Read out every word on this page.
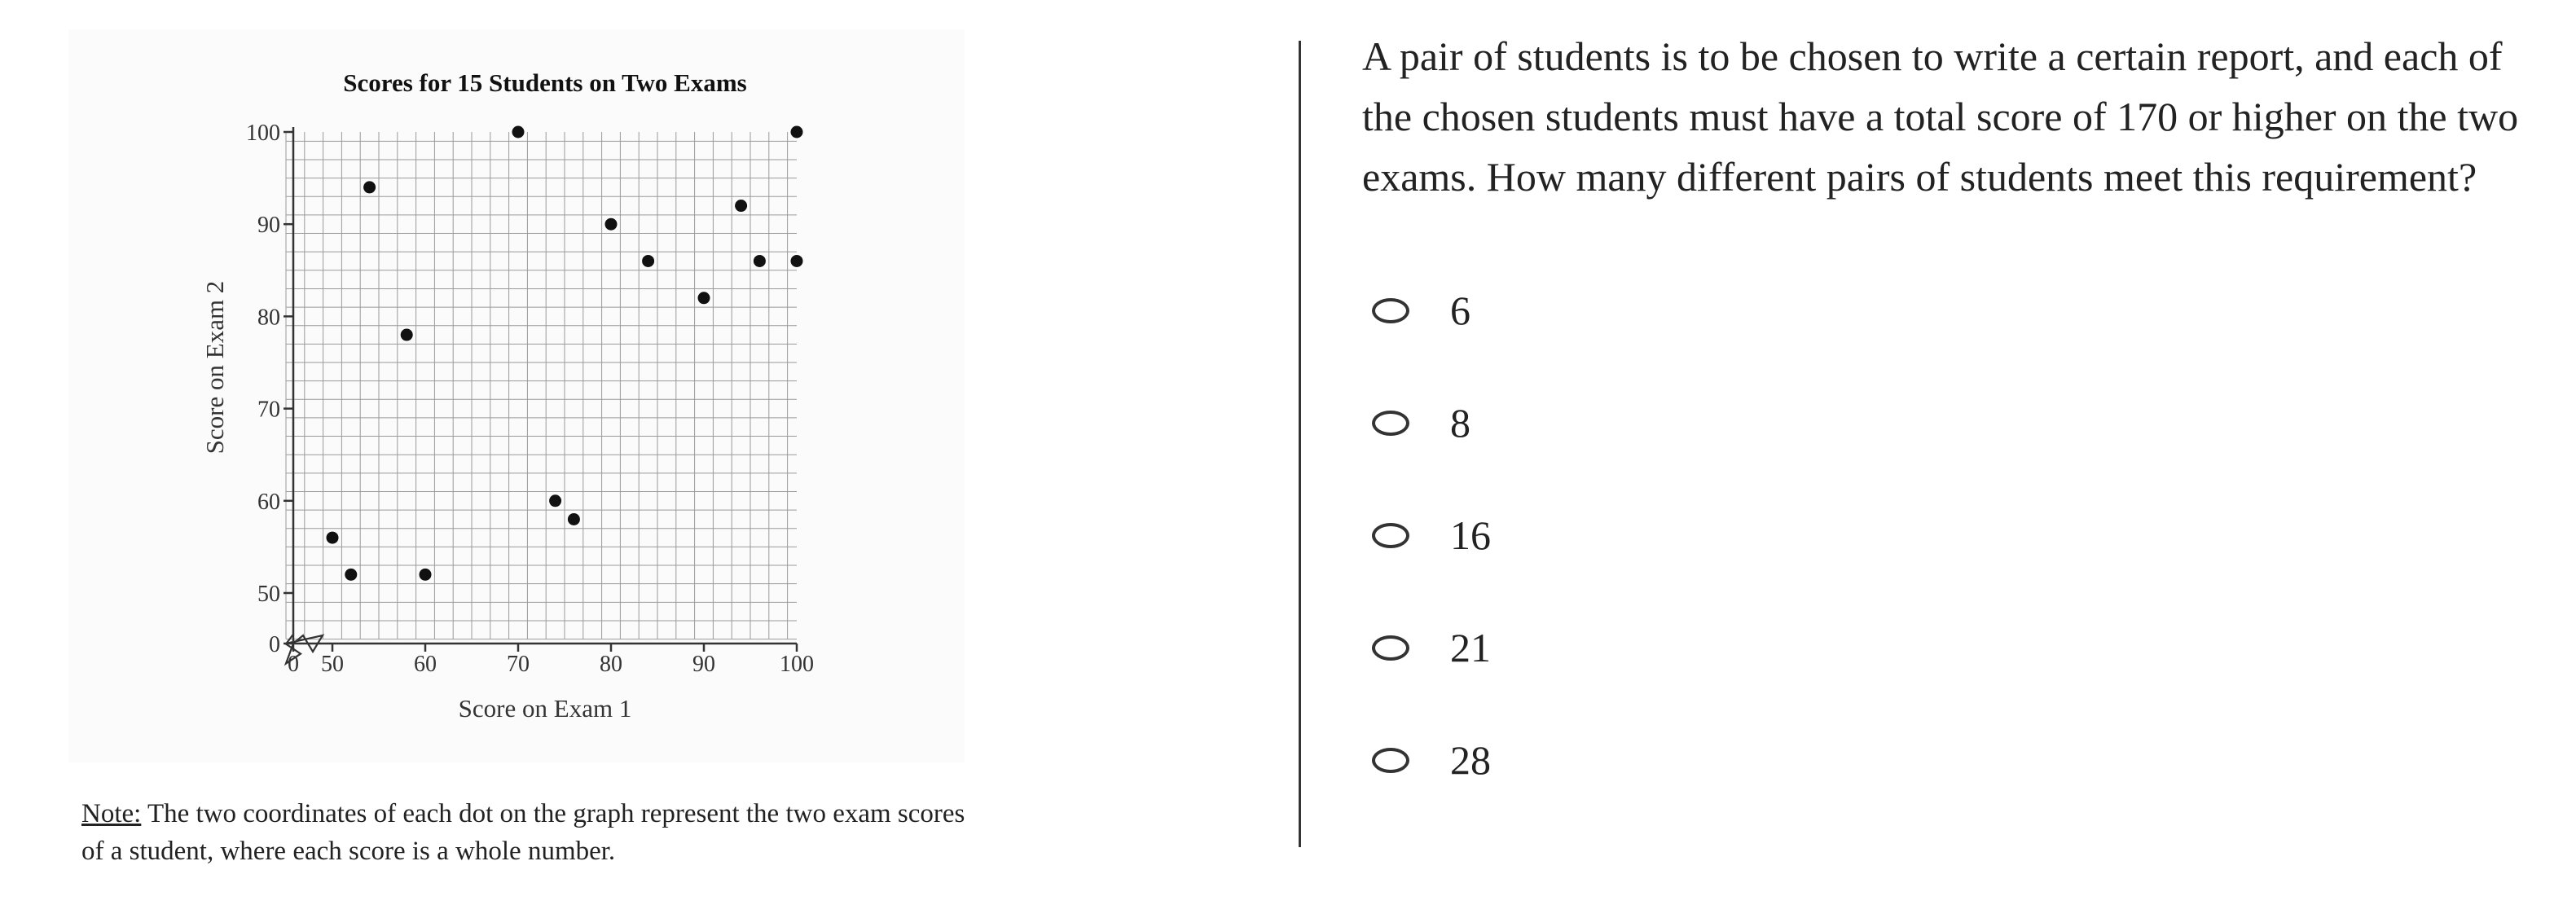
0
50
60
70
80
90
100
0 50	60	70	80	90	100
Scores for 15 Students on Two Exams
Score on Exam 1
Score on Exam 2
Note: The two coordinates of each dot on the graph represent the two exam scores of a student, where each score is a whole number.

A pair of students is to be chosen to write a certain report, and each of the chosen students must have a total score of 170 or higher on the two exams. How many different pairs of students meet this requirement?

6
8
16
21
28
